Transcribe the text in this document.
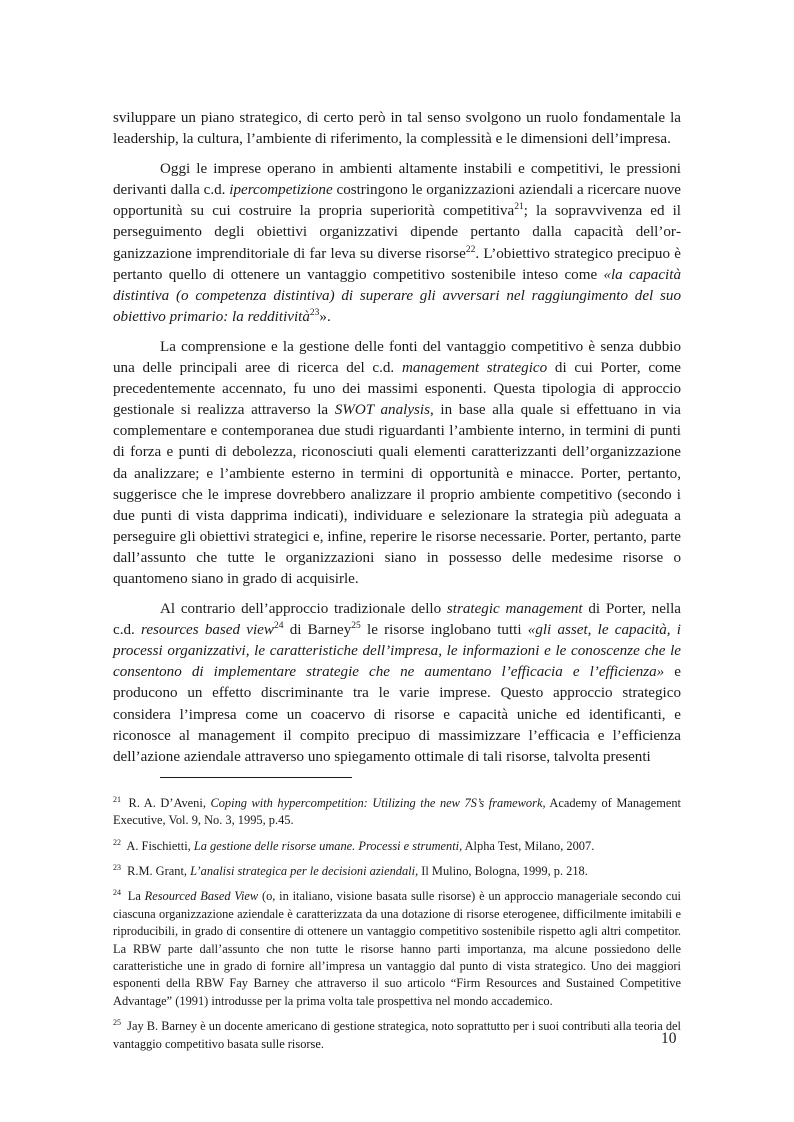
sviluppare un piano strategico, di certo però in tal senso svolgono un ruolo fondamentale la leadership, la cultura, l’ambiente di riferimento, la complessità e le dimensioni dell’impresa.

Oggi le imprese operano in ambienti altamente instabili e competitivi, le pressioni derivanti dalla c.d. ipercompetizione costringono le organizzazioni aziendali a ricercare nuove opportunità su cui costruire la propria superiorità competitiva$^{21}$; la sopravvivenza ed il perseguimento degli obiettivi organizzativi dipende pertanto dalla capacità dell’organizzazione imprenditoriale di far leva su diverse risorse$^{22}$. L’obiettivo strategico precipuo è pertanto quello di ottenere un vantaggio competitivo sostenibile inteso come «la capacità distintiva (o competenza distintiva) di superare gli avversari nel raggiungimento del suo obiettivo primario: la redditività$^{23}$».

La comprensione e la gestione delle fonti del vantaggio competitivo è senza dubbio una delle principali aree di ricerca del c.d. management strategico di cui Porter, come precedentemente accennato, fu uno dei massimi esponenti. Questa tipologia di approccio gestionale si realizza attraverso la SWOT analysis, in base alla quale si effettuano in via complementare e contemporanea due studi riguardanti l’ambiente interno, in termini di punti di forza e punti di debolezza, riconosciuti quali elementi caratterizzanti dell’organizzazione da analizzare; e l’ambiente esterno in termini di opportunità e minacce. Porter, pertanto, suggerisce che le imprese dovrebbero analizzare il proprio ambiente competitivo (secondo i due punti di vista dapprima indicati), individuare e selezionare la strategia più adeguata a perseguire gli obiettivi strategici e, infine, reperire le risorse necessarie. Porter, pertanto, parte dall’assunto che tutte le organizzazioni siano in possesso delle medesime risorse o quantomeno siano in grado di acquisirle.

Al contrario dell’approccio tradizionale dello strategic management di Porter, nella c.d. resources based view$^{24}$ di Barney$^{25}$ le risorse inglobano tutti «gli asset, le capacità, i processi organizzativi, le caratteristiche dell’impresa, le informazioni e le conoscenze che le consentono di implementare strategie che ne aumentano l’efficacia e l’efficienza» e producono un effetto discriminante tra le varie imprese. Questo approccio strategico considera l’impresa come un coacervo di risorse e capacità uniche ed identificanti, e riconosce al management il compito precipuo di massimizzare l’efficacia e l’efficienza dell’azione aziendale attraverso uno spiegamento ottimale di tali risorse, talvolta presenti

$^{21}$ R. A. D’Aveni, Coping with hypercompetition: Utilizing the new 7S’s framework, Academy of Management Executive, Vol. 9, No. 3, 1995, p.45.

$^{22}$ A. Fischietti, La gestione delle risorse umane. Processi e strumenti, Alpha Test, Milano, 2007.

$^{23}$ R.M. Grant, L’analisi strategica per le decisioni aziendali, Il Mulino, Bologna, 1999, p. 218.

$^{24}$ La Resourced Based View (o, in italiano, visione basata sulle risorse) è un approccio manageriale secondo cui ciascuna organizzazione aziendale è caratterizzata da una dotazione di risorse eterogenee, difficilmente imitabili e riproducibili, in grado di consentire di ottenere un vantaggio competitivo sostenibile rispetto agli altri competitor. La RBW parte dall’assunto che non tutte le risorse hanno parti importanza, ma alcune possiedono delle caratteristiche une in grado di fornire all’impresa un vantaggio dal punto di vista strategico. Uno dei maggiori esponenti della RBW Fay Barney che attraverso il suo articolo “Firm Resources and Sustained Competitive Advantage” (1991) introdusse per la prima volta tale prospettiva nel mondo accademico.

$^{25}$ Jay B. Barney è un docente americano di gestione strategica, noto soprattutto per i suoi contributi alla teoria del vantaggio competitivo basata sulle risorse.	10
